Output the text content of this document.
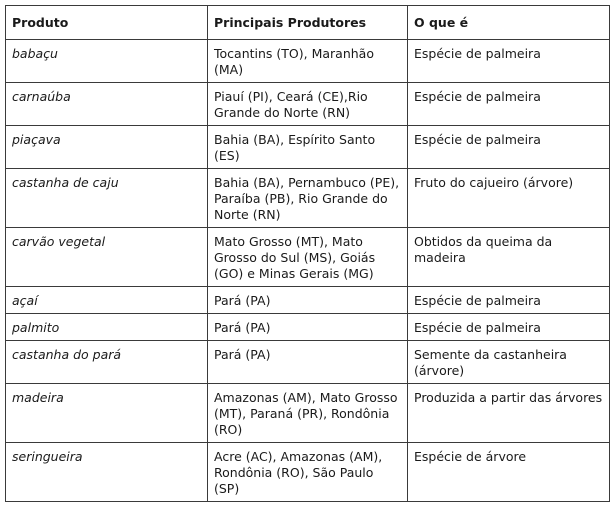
Produto	Principais Produtores	O que é
babaçu	Tocantins (TO), Maranhão (MA)	Espécie de palmeira
carnaúba	Piauí (PI), Ceará (CE),Rio Grande do Norte (RN)	Espécie de palmeira
piaçava	Bahia (BA), Espírito Santo (ES)	Espécie de palmeira
castanha de caju	Bahia (BA), Pernambuco (PE), Paraíba (PB), Rio Grande do Norte (RN)	Fruto do cajueiro (árvore)
carvão vegetal	Mato Grosso (MT), Mato Grosso do Sul (MS), Goiás (GO) e Minas Gerais (MG)	Obtidos da queima da madeira
açaí	Pará (PA)	Espécie de palmeira
palmito	Pará (PA)	Espécie de palmeira
castanha do pará	Pará (PA)	Semente da castanheira (árvore)
madeira	Amazonas (AM), Mato Grosso (MT), Paraná (PR), Rondônia (RO)	Produzida a partir das árvores
seringueira	Acre (AC), Amazonas (AM), Rondônia (RO), São Paulo (SP)	Espécie de árvore
